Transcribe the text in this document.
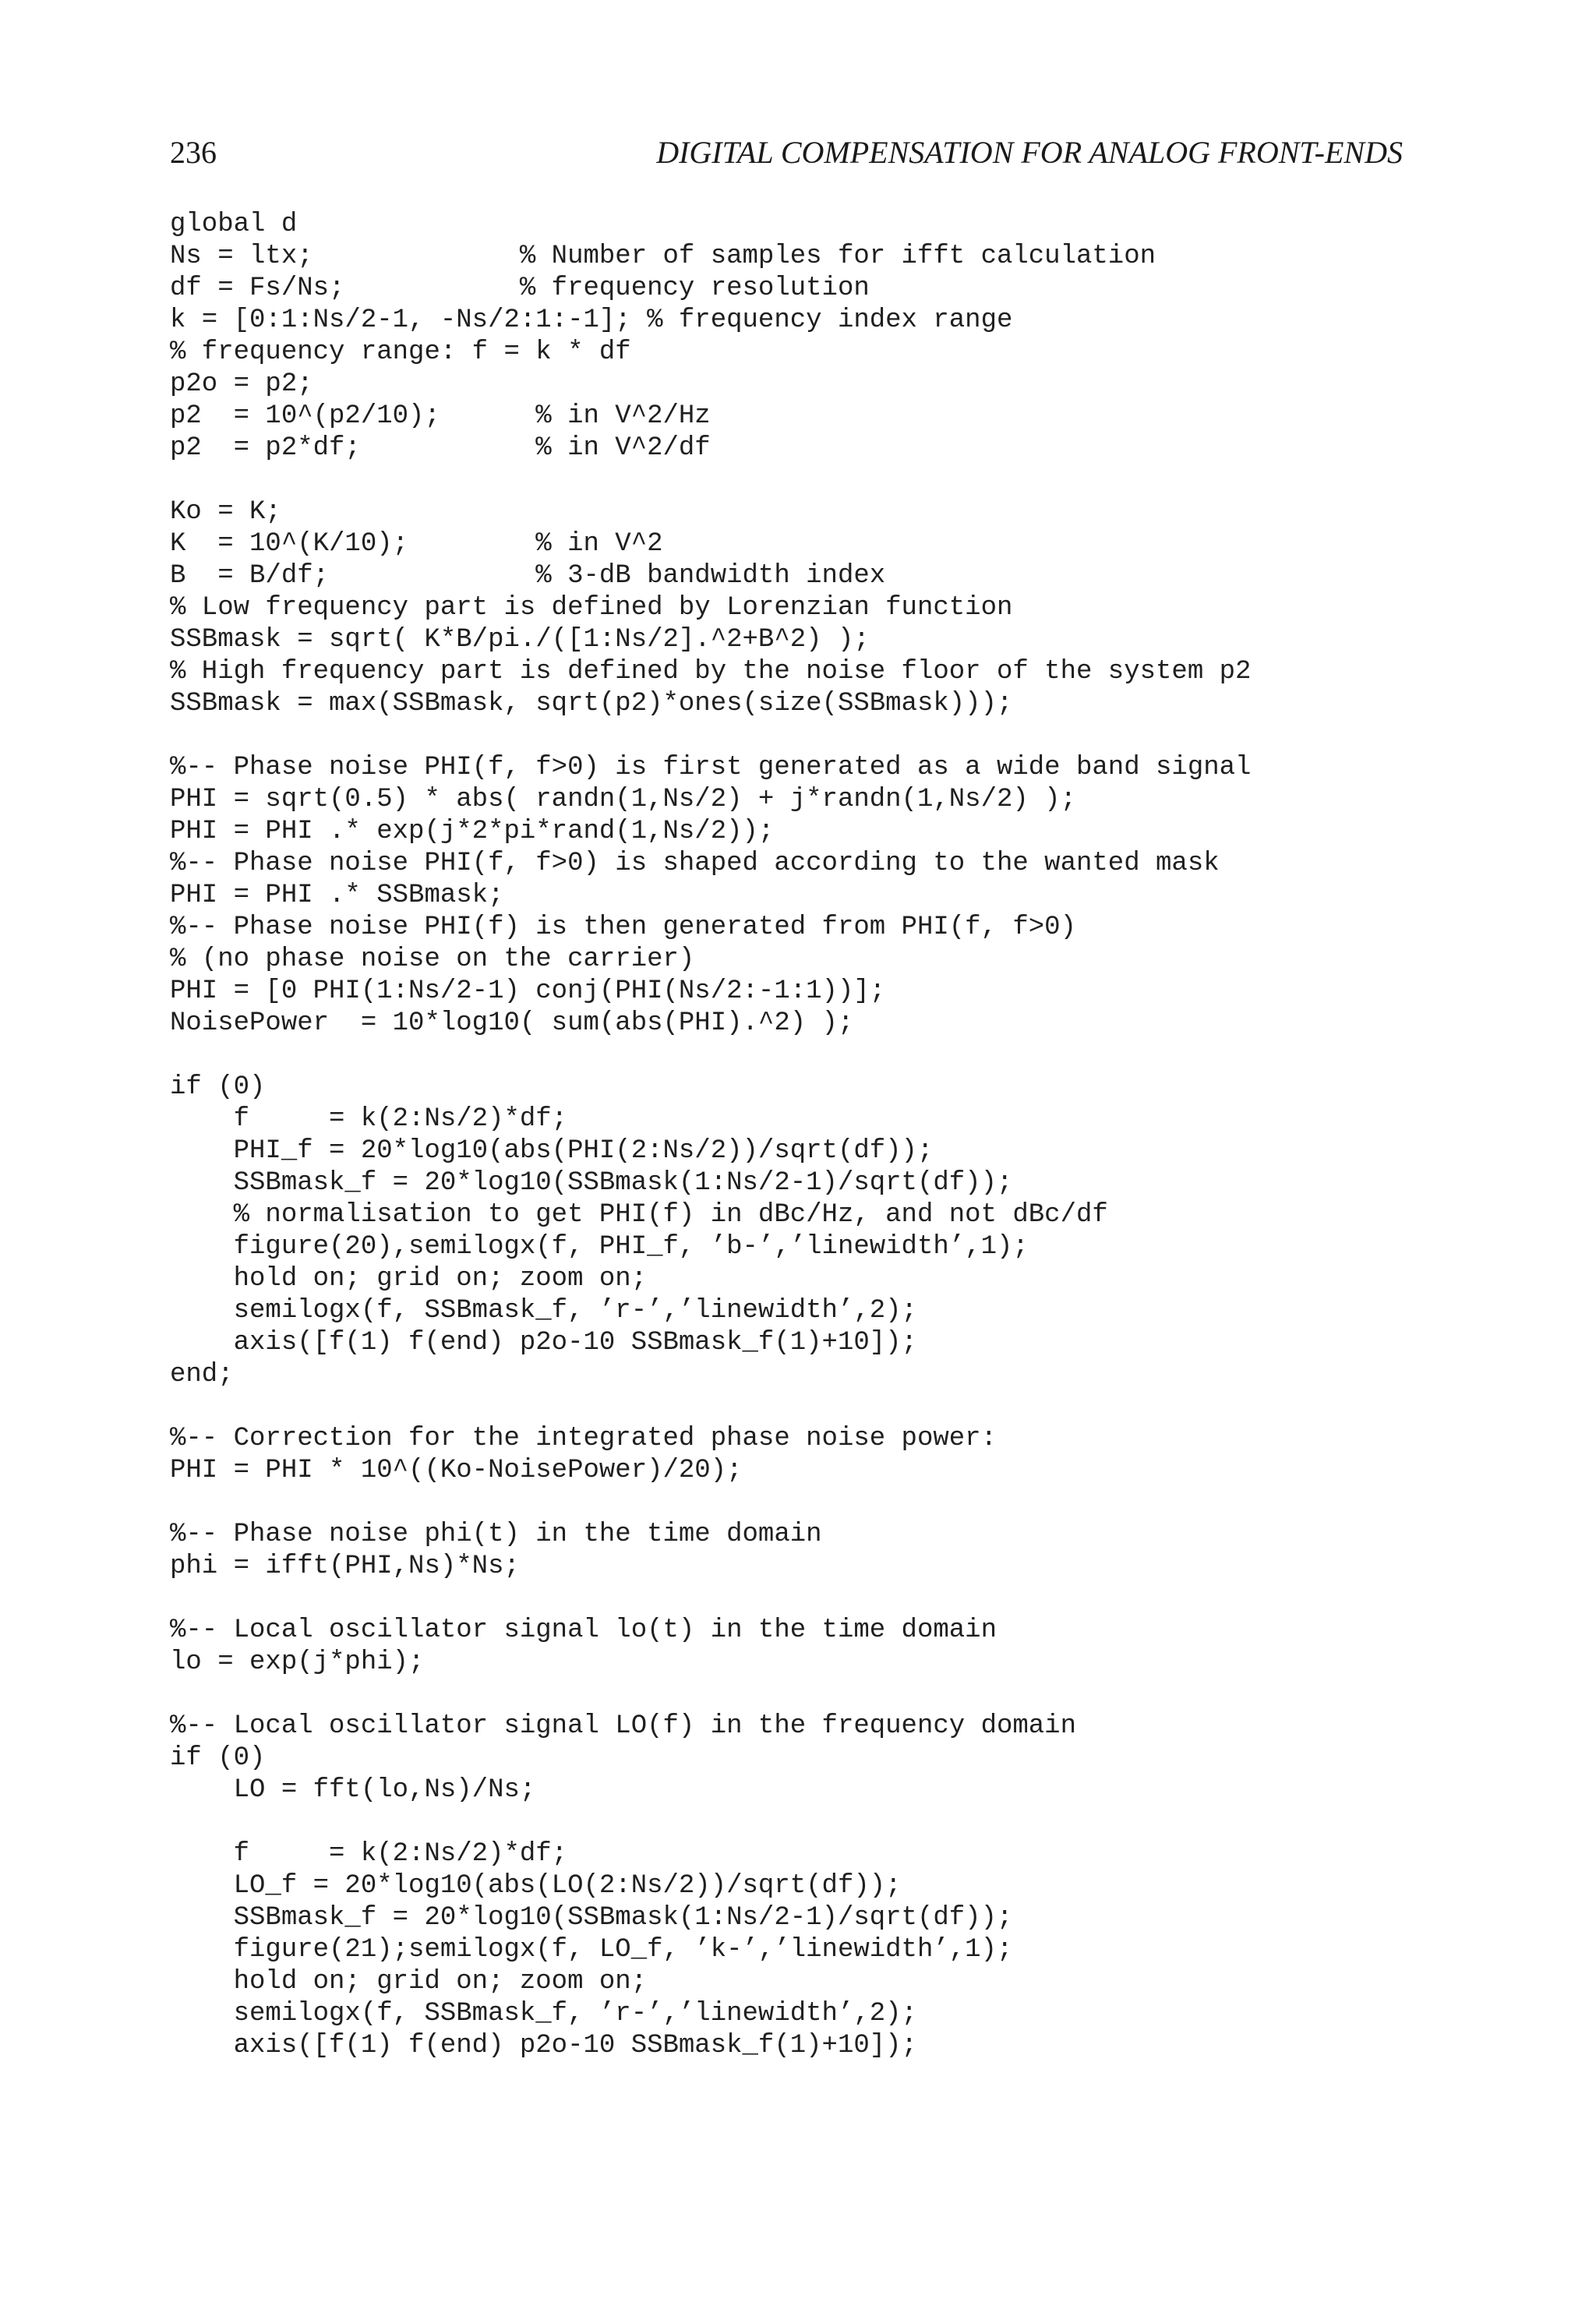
236	DIGITAL COMPENSATION FOR ANALOG FRONT-ENDS
global d
Ns = ltx;             % Number of samples for ifft calculation
df = Fs/Ns;           % frequency resolution
k = [0:1:Ns/2-1, -Ns/2:1:-1]; % frequency index range
% frequency range: f = k * df
p2o = p2;
p2  = 10^(p2/10);      % in V^2/Hz
p2  = p2*df;           % in V^2/df
Ko = K;
K  = 10^(K/10);        % in V^2
B  = B/df;             % 3-dB bandwidth index
% Low frequency part is defined by Lorenzian function
SSBmask = sqrt( K*B/pi./([1:Ns/2].^2+B^2) );
% High frequency part is defined by the noise floor of the system p2
SSBmask = max(SSBmask, sqrt(p2)*ones(size(SSBmask)));
%-- Phase noise PHI(f, f>0) is first generated as a wide band signal
PHI = sqrt(0.5) * abs( randn(1,Ns/2) + j*randn(1,Ns/2) );
PHI = PHI .* exp(j*2*pi*rand(1,Ns/2));
%-- Phase noise PHI(f, f>0) is shaped according to the wanted mask
PHI = PHI .* SSBmask;
%-- Phase noise PHI(f) is then generated from PHI(f, f>0)
% (no phase noise on the carrier)
PHI = [0 PHI(1:Ns/2-1) conj(PHI(Ns/2:-1:1))];
NoisePower  = 10*log10( sum(abs(PHI).^2) );
if (0)
f     = k(2:Ns/2)*df;
PHI_f = 20*log10(abs(PHI(2:Ns/2))/sqrt(df));
SSBmask_f = 20*log10(SSBmask(1:Ns/2-1)/sqrt(df));
% normalisation to get PHI(f) in dBc/Hz, and not dBc/df
figure(20),semilogx(f, PHI_f, ’b-’,’linewidth’,1);
hold on; grid on; zoom on;
semilogx(f, SSBmask_f, ’r-’,’linewidth’,2);
axis([f(1) f(end) p2o-10 SSBmask_f(1)+10]);
end;
%-- Correction for the integrated phase noise power:
PHI = PHI * 10^((Ko-NoisePower)/20);
%-- Phase noise phi(t) in the time domain
phi = ifft(PHI,Ns)*Ns;
%-- Local oscillator signal lo(t) in the time domain
lo = exp(j*phi);
%-- Local oscillator signal LO(f) in the frequency domain
if (0)
LO = fft(lo,Ns)/Ns;
f     = k(2:Ns/2)*df;
LO_f = 20*log10(abs(LO(2:Ns/2))/sqrt(df));
SSBmask_f = 20*log10(SSBmask(1:Ns/2-1)/sqrt(df));
figure(21);semilogx(f, LO_f, ’k-’,’linewidth’,1);
hold on; grid on; zoom on;
semilogx(f, SSBmask_f, ’r-’,’linewidth’,2);
axis([f(1) f(end) p2o-10 SSBmask_f(1)+10]);
